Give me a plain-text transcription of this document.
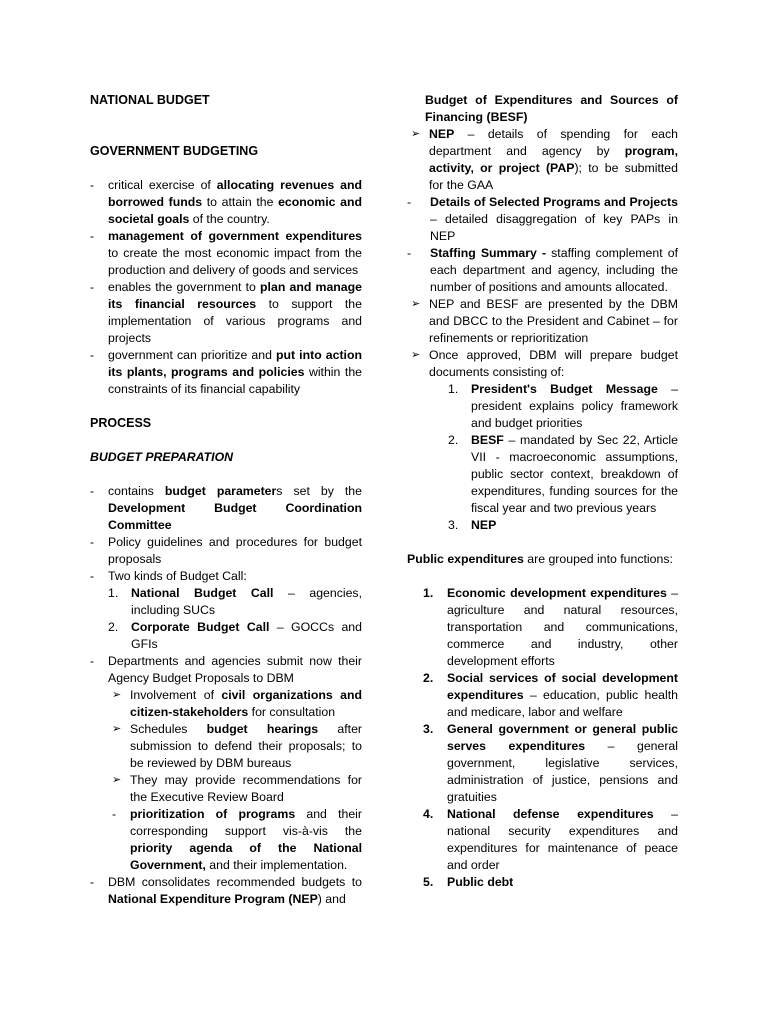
NATIONAL BUDGET

GOVERNMENT BUDGETING

- critical exercise of allocating revenues and borrowed funds to attain the economic and societal goals of the country.
- management of government expenditures to create the most economic impact from the production and delivery of goods and services
- enables the government to plan and manage its financial resources to support the implementation of various programs and projects
- government can prioritize and put into action its plants, programs and policies within the constraints of its financial capability

PROCESS

BUDGET PREPARATION

- contains budget parameters set by the Development Budget Coordination Committee
- Policy guidelines and procedures for budget proposals
- Two kinds of Budget Call:
1. National Budget Call – agencies, including SUCs
2. Corporate Budget Call – GOCCs and GFIs
- Departments and agencies submit now their Agency Budget Proposals to DBM
➢ Involvement of civil organizations and citizen-stakeholders for consultation
➢ Schedules budget hearings after submission to defend their proposals; to be reviewed by DBM bureaus
➢ They may provide recommendations for the Executive Review Board
- prioritization of programs and their corresponding support vis-à-vis the priority agenda of the National Government, and their implementation.
- DBM consolidates recommended budgets to National Expenditure Program (NEP) and

Budget of Expenditures and Sources of Financing (BESF)

➢ NEP – details of spending for each department and agency by program, activity, or project (PAP); to be submitted for the GAA
- Details of Selected Programs and Projects – detailed disaggregation of key PAPs in NEP
- Staffing Summary - staffing complement of each department and agency, including the number of positions and amounts allocated.
➢ NEP and BESF are presented by the DBM and DBCC to the President and Cabinet – for refinements or reprioritization
➢ Once approved, DBM will prepare budget documents consisting of:
1. President's Budget Message – president explains policy framework and budget priorities
2. BESF – mandated by Sec 22, Article VII - macroeconomic assumptions, public sector context, breakdown of expenditures, funding sources for the fiscal year and two previous years
3. NEP

Public expenditures are grouped into functions:

1. Economic development expenditures – agriculture and natural resources, transportation and communications, commerce and industry, other development efforts
2. Social services of social development expenditures – education, public health and medicare, labor and welfare
3. General government or general public serves expenditures – general government, legislative services, administration of justice, pensions and gratuities
4. National defense expenditures – national security expenditures and expenditures for maintenance of peace and order
5. Public debt
